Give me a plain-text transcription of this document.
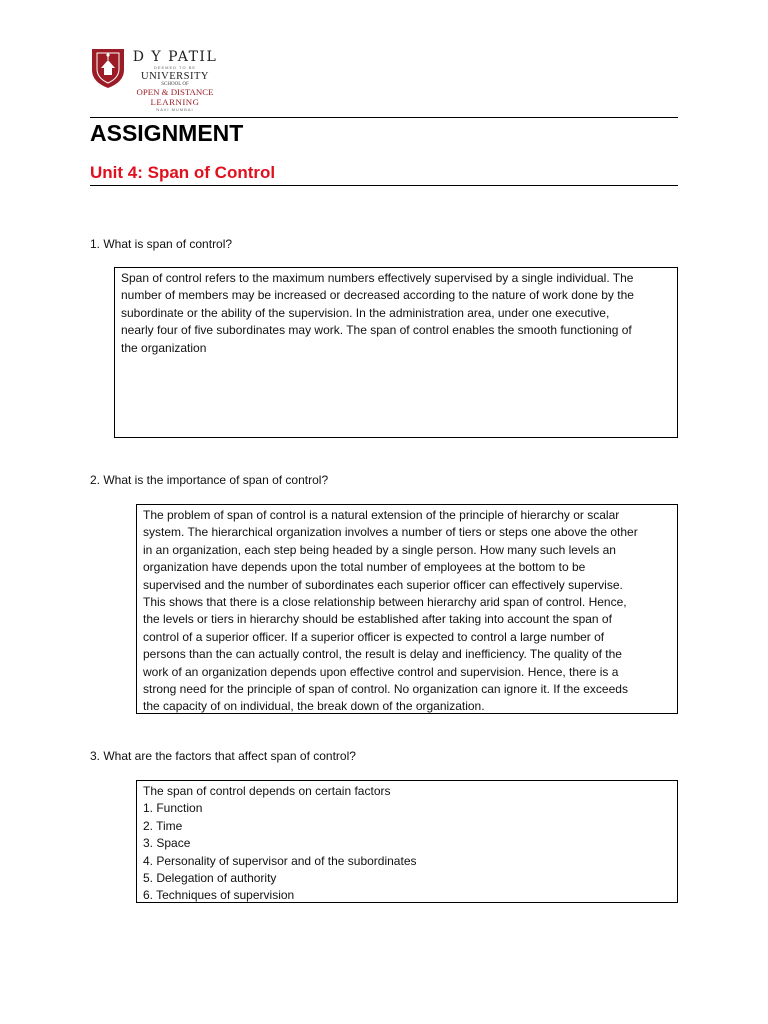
D Y PATIL
DEEMED TO BE
UNIVERSITY
SCHOOL OF
OPEN & DISTANCE
LEARNING
NAVI MUMBAI
ASSIGNMENT
Unit 4: Span of Control
1. What is span of control?
Span of control refers to the maximum numbers effectively supervised by a single individual. The
number of members may be increased or decreased according to the nature of work done by the
subordinate or the ability of the supervision. In the administration area, under one executive,
nearly four of five subordinates may work. The span of control enables the smooth functioning of
the organization
2. What is the importance of span of control?
The problem of span of control is a natural extension of the principle of hierarchy or scalar
system. The hierarchical organization involves a number of tiers or steps one above the other
in an organization, each step being headed by a single person. How many such levels an
organization have depends upon the total number of employees at the bottom to be
supervised and the number of subordinates each superior officer can effectively supervise.
This shows that there is a close relationship between hierarchy arid span of control. Hence,
the levels or tiers in hierarchy should be established after taking into account the span of
control of a superior officer. If a superior officer is expected to control a large number of
persons than the can actually control, the result is delay and inefficiency. The quality of the
work of an organization depends upon effective control and supervision. Hence, there is a
strong need for the principle of span of control. No organization can ignore it. If the exceeds
the capacity of on individual, the break down of the organization.
3. What are the factors that affect span of control?
The span of control depends on certain factors
1. Function
2. Time
3. Space
4. Personality of supervisor and of the subordinates
5. Delegation of authority
6. Techniques of supervision
